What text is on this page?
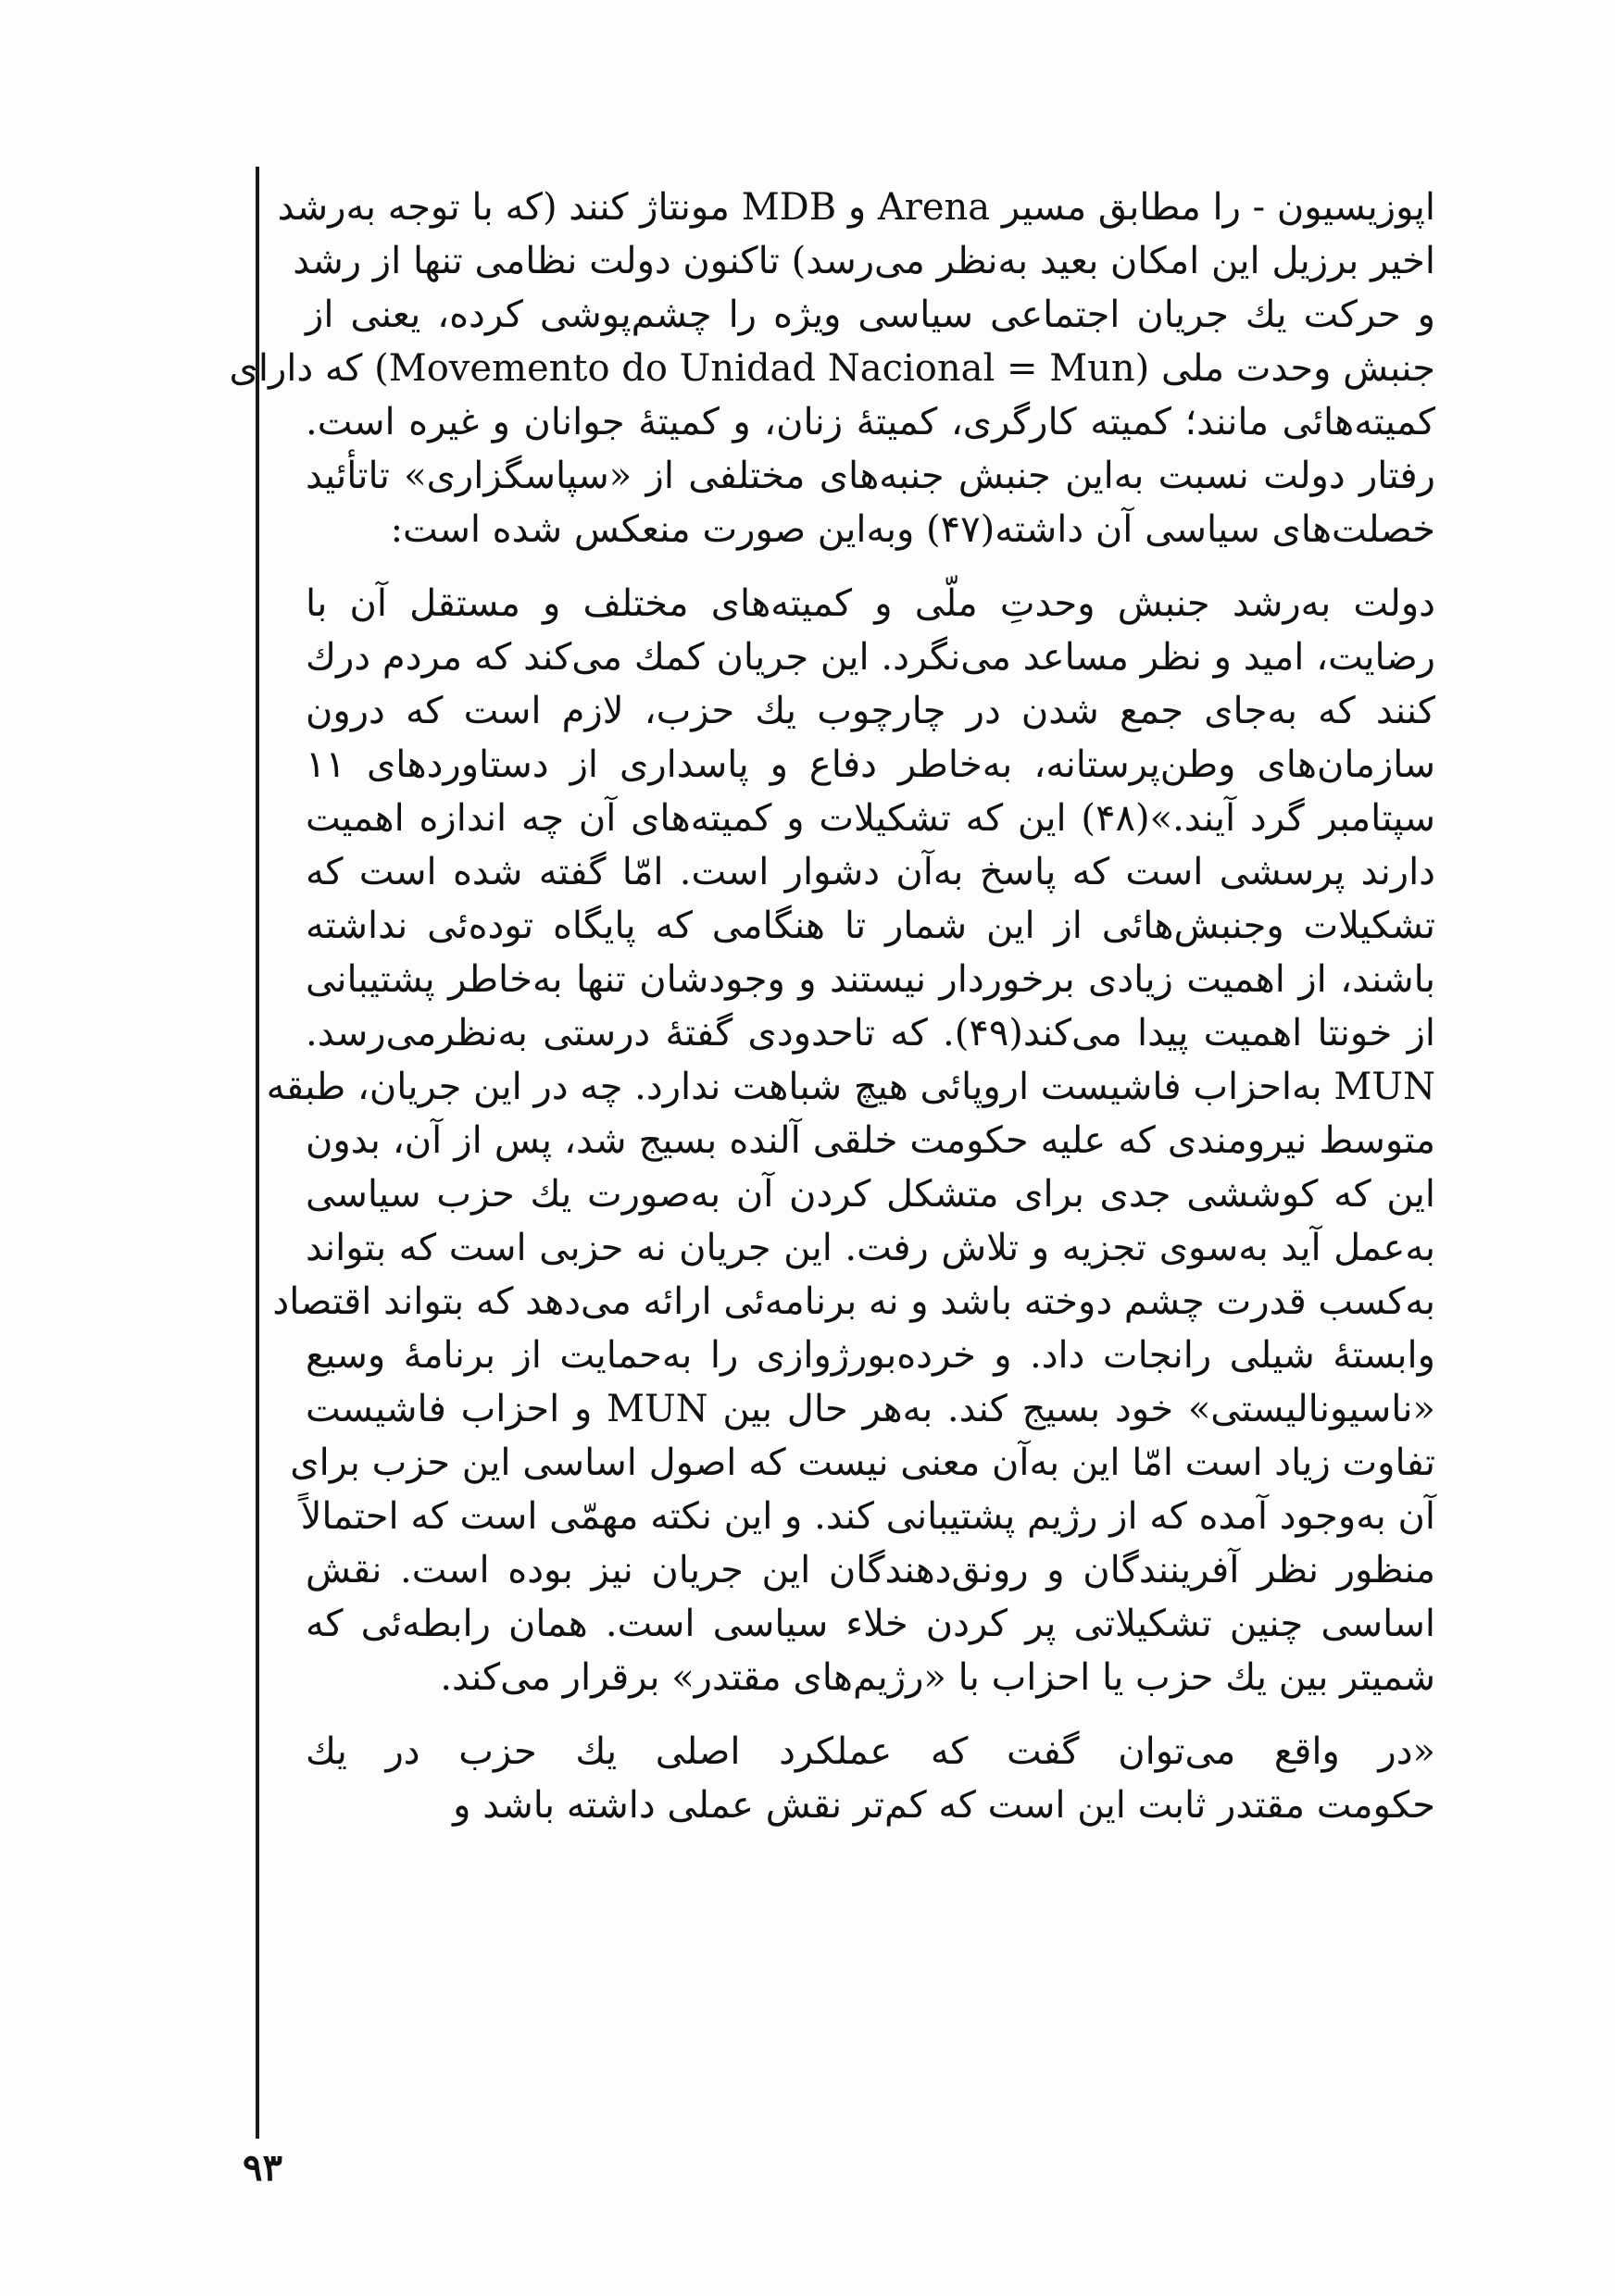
اپوزیسیون - را مطابق مسیر Arena و MDB مونتاژ کنند (که با توجه به‌رشد
اخیر برزیل این امکان بعید به‌نظر می‌رسد) تاکنون دولت نظامی تنها از رشد
و حرکت یك جریان اجتماعی سیاسی ویژه را چشم‌پوشی کرده، یعنی از
جنبش وحدت ملی (Movemento do Unidad Nacional = Mun) که دارای
کمیته‌هائی مانند؛ کمیته کارگری، کمیتهٔ زنان، و کمیتهٔ جوانان و غیره است.
رفتار دولت نسبت به‌این جنبش جنبه‌های مختلفی از «سپاسگزاری» تاتأئید
خصلت‌های سیاسی آن داشته(۴۷) وبه‌این صورت منعکس شده است:
دولت به‌رشد جنبش وحدتِ ملّی و کمیته‌های مختلف و مستقل آن با
رضایت، امید و نظر مساعد می‌نگرد. این جریان کمك می‌کند که مردم درك
کنند که به‌جای جمع شدن در چارچوب یك حزب، لازم است که درون
سازمان‌های وطن‌پرستانه، به‌خاطر دفاع و پاسداری از دستاوردهای ۱۱
سپتامبر گرد آیند.»(۴۸) این که تشکیلات و کمیته‌های آن چه اندازه اهمیت
دارند پرسشی است که پاسخ به‌آن دشوار است. امّا گفته شده است که
تشکیلات وجنبش‌هائی از این شمار تا هنگامی که پایگاه توده‌ئی نداشته
باشند، از اهمیت زیادی برخوردار نیستند و وجودشان تنها به‌خاطر پشتیبانی
از خونتا اهمیت پیدا می‌کند(۴۹). که تاحدودی گفتهٔ درستی به‌نظرمی‌رسد.
MUN به‌احزاب فاشیست اروپائی هیچ شباهت ندارد. چه در این جریان، طبقه
متوسط نیرومندی که علیه حکومت خلقی آلنده بسیج شد، پس از آن، بدون
این که کوششی جدی برای متشکل کردن آن به‌صورت یك حزب سیاسی
به‌عمل آید به‌سوی تجزیه و تلاش رفت. این جریان نه حزبی است که بتواند
به‌کسب قدرت چشم دوخته باشد و نه برنامه‌ئی ارائه می‌دهد که بتواند اقتصاد
وابستهٔ شیلی رانجات داد. و خرده‌بورژوازی را به‌حمایت از برنامهٔ وسیع
«ناسیونالیستی» خود بسیج کند. به‌هر حال بین MUN و احزاب فاشیست
تفاوت زیاد است امّا این به‌آن معنی نیست که اصول اساسی این حزب برای
آن به‌وجود آمده که از رژیم پشتیبانی کند. و این نکته مهمّی است که احتمالاً
منظور نظر آفرینندگان و رونق‌دهندگان این جریان نیز بوده است. نقش
اساسی چنین تشکیلاتی پر کردن خلاء سیاسی است. همان رابطه‌ئی که
شمیتر بین یك حزب یا احزاب با «رژیم‌های مقتدر» برقرار می‌کند.
«در واقع می‌توان گفت که عملکرد اصلی یك حزب در یك
حکومت مقتدر ثابت این است که کم‌تر نقش عملی داشته باشد و
۹۳
